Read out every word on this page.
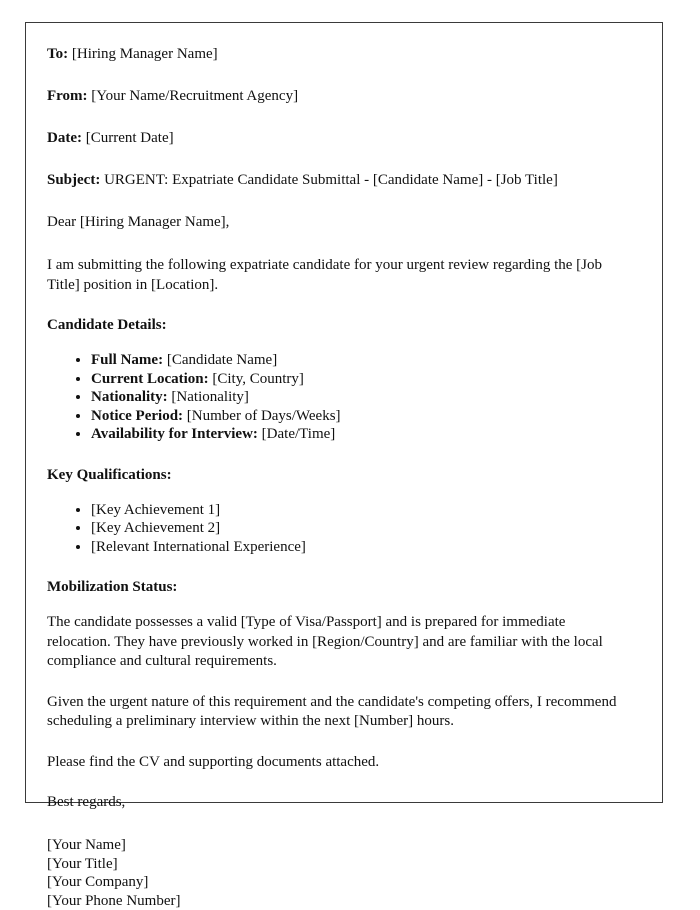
To: [Hiring Manager Name]
From: [Your Name/Recruitment Agency]
Date: [Current Date]
Subject: URGENT: Expatriate Candidate Submittal - [Candidate Name] - [Job Title]
Dear [Hiring Manager Name],

I am submitting the following expatriate candidate for your urgent review regarding the [Job Title] position in [Location].

Candidate Details:
• Full Name: [Candidate Name]
• Current Location: [City, Country]
• Nationality: [Nationality]
• Notice Period: [Number of Days/Weeks]
• Availability for Interview: [Date/Time]
Key Qualifications:
• [Key Achievement 1]
• [Key Achievement 2]
• [Relevant International Experience]
Mobilization Status:

The candidate possesses a valid [Type of Visa/Passport] and is prepared for immediate relocation. They have previously worked in [Region/Country] and are familiar with the local compliance and cultural requirements.

Given the urgent nature of this requirement and the candidate's competing offers, I recommend scheduling a preliminary interview within the next [Number] hours.

Please find the CV and supporting documents attached.

Best regards,
[Your Name]
[Your Title]
[Your Company]
[Your Phone Number]
